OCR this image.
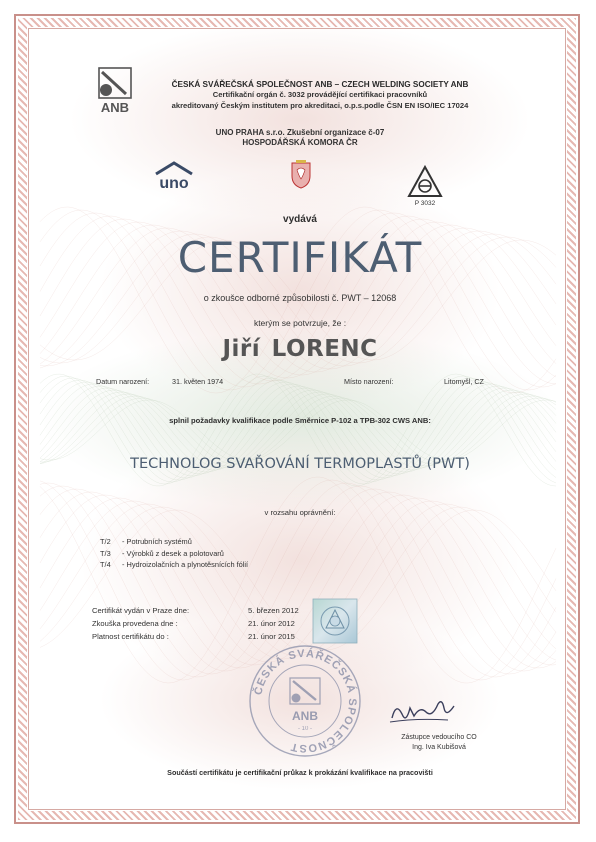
ANB
ČESKÁ SVÁŘEČSKÁ SPOLEČNOST ANB – CZECH WELDING SOCIETY ANB
Certifikační orgán č. 3032 provádějící certifikaci pracovníků
akreditovaný Českým institutem pro akreditaci, o.p.s.podle ČSN EN ISO/IEC 17024
UNO PRAHA s.r.o. Zkušební organizace č-07
HOSPODÁŘSKÁ KOMORA ČR
uno
P 3032
vydává
CERTIFIKÁT
o zkoušce odborné způsobilosti č. PWT – 12068
kterým se potvrzuje, že :
Jiří LORENC
Datum narození:	31. květen 1974	Místo narození:	Litomyšl, CZ
splnil požadavky kvalifikace podle Směrnice P-102 a TPB-302 CWS ANB:
TECHNOLOG SVAŘOVÁNÍ TERMOPLASTŮ (PWT)
v rozsahu oprávnění:
T/2	- Potrubních systémů
T/3	- Výrobků z desek a polotovarů
T/4	- Hydroizolačních a plynotěsnících fólií
Certifikát vydán v Praze dne:	5. březen 2012
Zkouška provedena dne :	21. únor 2012
Platnost certifikátu do :	21. únor 2015
ČESKÁ SVÁŘEČSKÁ SPOLEČNOST
ANB
- 10 -
Zástupce vedoucího CO
Ing. Iva Kubišová
Součástí certifikátu je certifikační průkaz k prokázání kvalifikace na pracovišti
